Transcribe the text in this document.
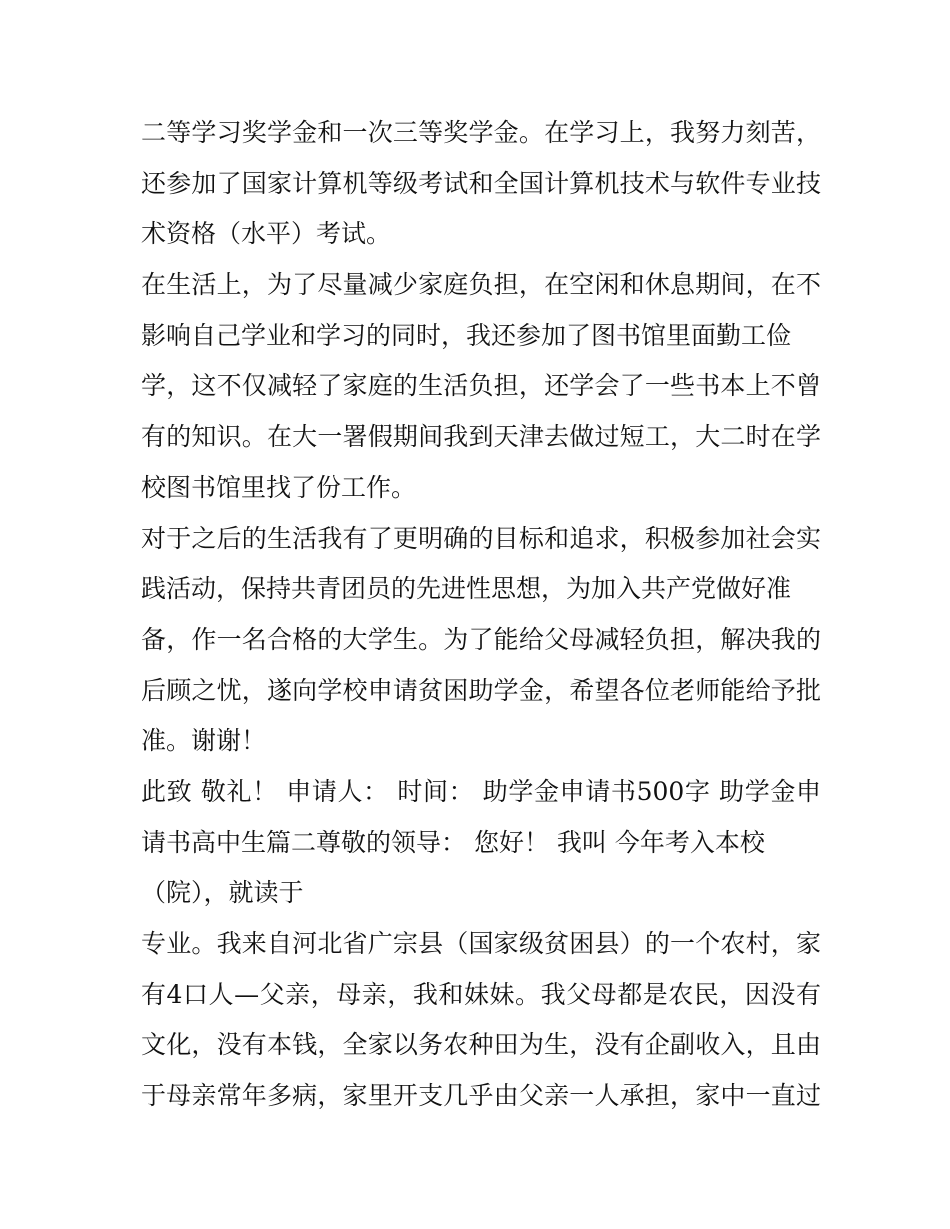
二等学习奖学金和一次三等奖学金。在学习上，我努力刻苦，
还参加了国家计算机等级考试和全国计算机技术与软件专业技
术资格（水平）考试。
在生活上，为了尽量减少家庭负担，在空闲和休息期间，在不
影响自己学业和学习的同时，我还参加了图书馆里面勤工俭
学，这不仅减轻了家庭的生活负担，还学会了一些书本上不曾
有的知识。在大一署假期间我到天津去做过短工，大二时在学
校图书馆里找了份工作。
对于之后的生活我有了更明确的目标和追求，积极参加社会实
践活动，保持共青团员的先进性思想，为加入共产党做好准
备，作一名合格的大学生。为了能给父母减轻负担，解决我的
后顾之忧，遂向学校申请贫困助学金，希望各位老师能给予批
准。谢谢！
此致 敬礼！ 申请人： 时间： 助学金申请书500字 助学金申
请书高中生篇二尊敬的领导： 您好！ 我叫 今年考入本校
（院），就读于
专业。我来自河北省广宗县（国家级贫困县）的一个农村，家
有4口人—父亲，母亲，我和妹妹。我父母都是农民，因没有
文化，没有本钱，全家以务农种田为生，没有企副收入，且由
于母亲常年多病，家里开支几乎由父亲一人承担，家中一直过
